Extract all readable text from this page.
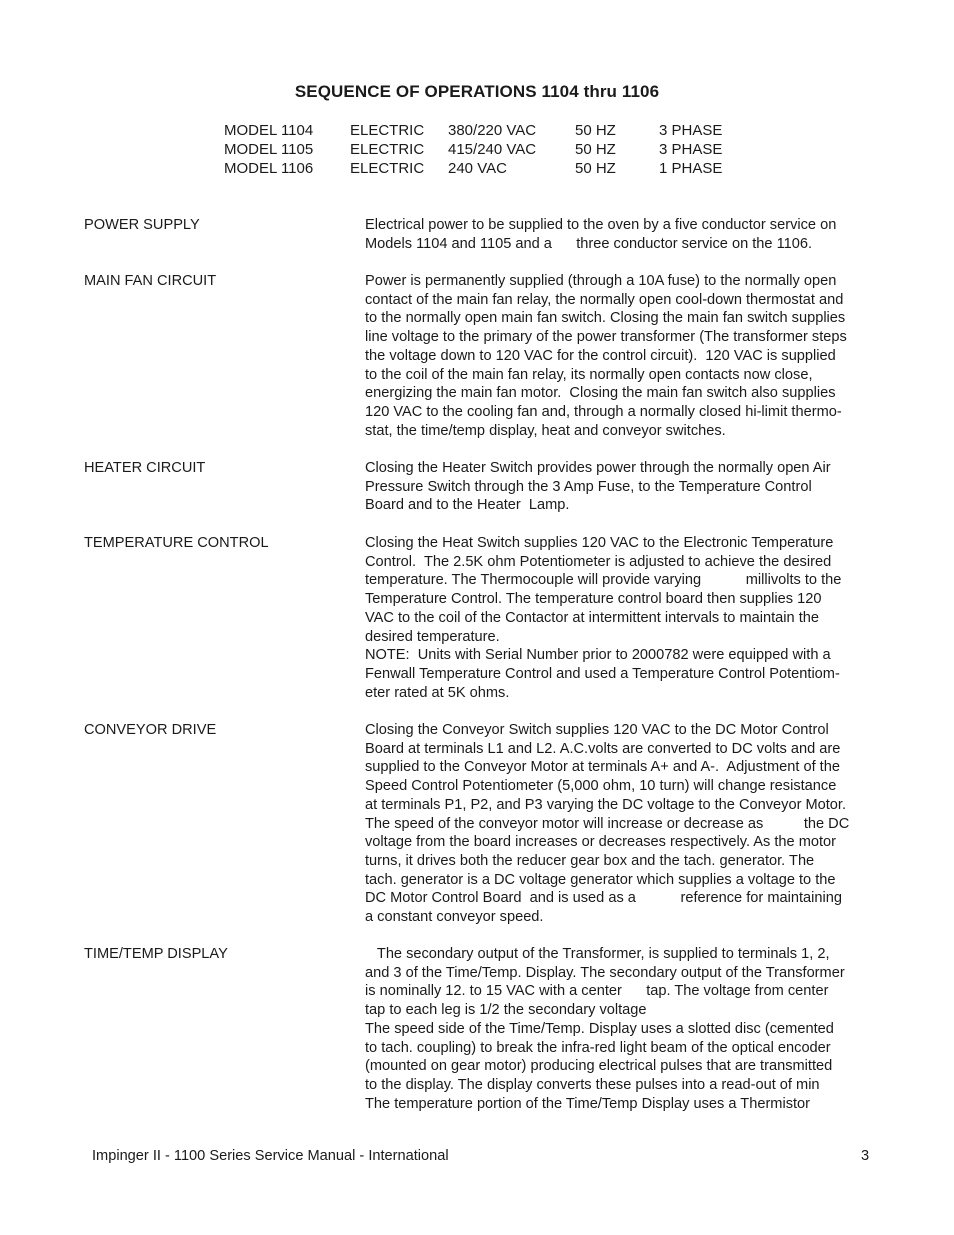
SEQUENCE OF OPERATIONS 1104 thru 1106
MODEL 1104 ELECTRIC 380/220 VAC	50 HZ	3 PHASE
MODEL 1105 ELECTRIC 415/240 VAC	50 HZ	3 PHASE
MODEL 1106 ELECTRIC 240 VAC	50 HZ	1 PHASE
POWER SUPPLY	Electrical power to be supplied to the oven by a five conductor service on

Models 1104 and 1105 and a      three conductor service on the 1106.

MAIN FAN CIRCUIT	Power is permanently supplied (through a 10A fuse) to the normally open

contact of the main fan relay, the normally open cool-down thermostat and

to the normally open main fan switch. Closing the main fan switch supplies

line voltage to the primary of the power transformer (The transformer steps

the voltage down to 120 VAC for the control circuit).  120 VAC is supplied

to the coil of the main fan relay, its normally open contacts now close,

energizing the main fan motor.  Closing the main fan switch also supplies

120 VAC to the cooling fan and, through a normally closed hi-limit thermo-

stat, the time/temp display, heat and conveyor switches.

HEATER CIRCUIT	Closing the Heater Switch provides power through the normally open Air

Pressure Switch through the 3 Amp Fuse, to the Temperature Control

Board and to the Heater  Lamp.

TEMPERATURE CONTROL	Closing the Heat Switch supplies 120 VAC to the Electronic Temperature

Control.  The 2.5K ohm Potentiometer is adjusted to achieve the desired

temperature. The Thermocouple will provide varying           millivolts to the

Temperature Control. The temperature control board then supplies 120

VAC to the coil of the Contactor at intermittent intervals to maintain the

desired temperature.

NOTE:  Units with Serial Number prior to 2000782 were equipped with a

Fenwall Temperature Control and used a Temperature Control Potentiom-

eter rated at 5K ohms.

CONVEYOR DRIVE	Closing the Conveyor Switch supplies 120 VAC to the DC Motor Control

Board at terminals L1 and L2. A.C.volts are converted to DC volts and are

supplied to the Conveyor Motor at terminals A+ and A-.  Adjustment of the

Speed Control Potentiometer (5,000 ohm, 10 turn) will change resistance

at terminals P1, P2, and P3 varying the DC voltage to the Conveyor Motor.

The speed of the conveyor motor will increase or decrease as          the DC

voltage from the board increases or decreases respectively. As the motor

turns, it drives both the reducer gear box and the tach. generator. The

tach. generator is a DC voltage generator which supplies a voltage to the

DC Motor Control Board  and is used as a           reference for maintaining

a constant conveyor speed.

TIME/TEMP DISPLAY	The secondary output of the Transformer, is supplied to terminals 1, 2,

and 3 of the Time/Temp. Display. The secondary output of the Transformer

is nominally 12. to 15 VAC with a center      tap. The voltage from center

tap to each leg is 1/2 the secondary voltage

The speed side of the Time/Temp. Display uses a slotted disc (cemented

to tach. coupling) to break the infra-red light beam of the optical encoder

(mounted on gear motor) producing electrical pulses that are transmitted

to the display. The display converts these pulses into a read-out of min

The temperature portion of the Time/Temp Display uses a Thermistor

Impinger II - 1100 Series Service Manual - International	3
